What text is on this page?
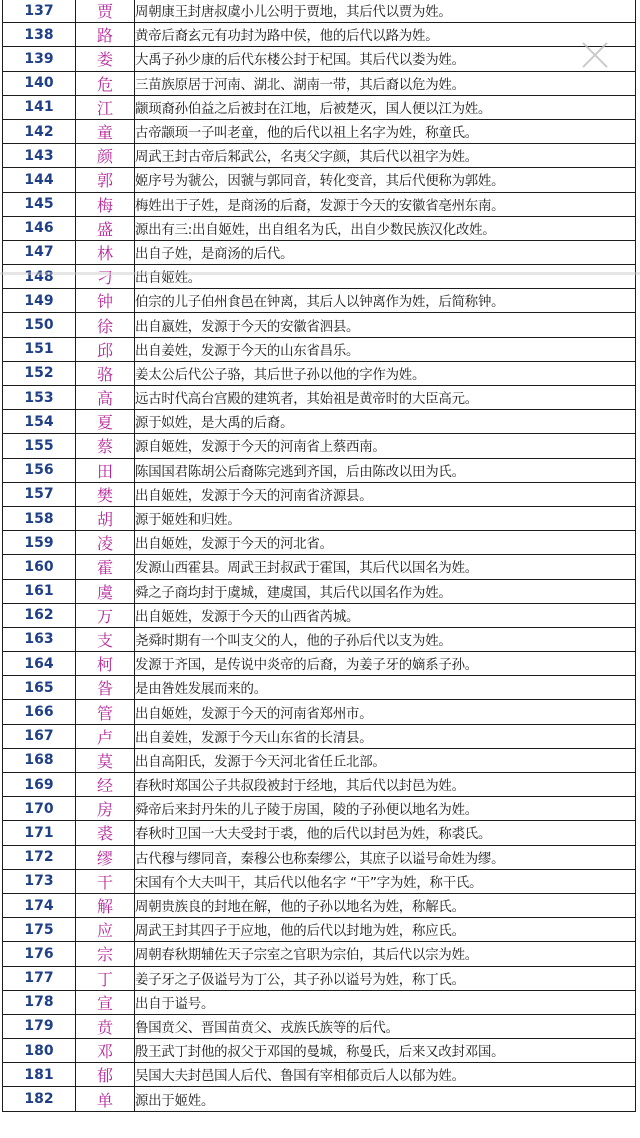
137	贾	周朝康王封唐叔虞小儿公明于贾地，其后代以贾为姓。
138	路	黄帝后裔玄元有功封为路中侯，他的后代以路为姓。
139	娄	大禹子孙少康的后代东楼公封于杞国。其后代以娄为姓。
140	危	三苗族原居于河南、湖北、湖南一带，其后裔以危为姓。
141	江	颛顼裔孙伯益之后被封在江地，后被楚灭，国人便以江为姓。
142	童	古帝颛顼一子叫老童，他的后代以祖上名字为姓，称童氏。
143	颜	周武王封古帝后邾武公，名夷父字颜，其后代以祖字为姓。
144	郭	姬序号为虢公，因虢与郭同音，转化变音，其后代便称为郭姓。
145	梅	梅姓出于子姓，是商汤的后裔，发源于今天的安徽省亳州东南。
146	盛	源出有三:出自姬姓，出自组名为氏，出自少数民族汉化改姓。
147	林	出自子姓，是商汤的后代。
148	刁	出自姬姓。
149	钟	伯宗的儿子伯州食邑在钟离，其后人以钟离作为姓，后简称钟。
150	徐	出自嬴姓，发源于今天的安徽省泗县。
151	邱	出自姜姓，发源于今天的山东省昌乐。
152	骆	姜太公后代公子骆，其后世子孙以他的字作为姓。
153	高	远古时代高台宫殿的建筑者，其始祖是黄帝时的大臣高元。
154	夏	源于姒姓，是大禹的后裔。
155	蔡	源自姬姓，发源于今天的河南省上蔡西南。
156	田	陈国国君陈胡公后裔陈完逃到齐国，后由陈改以田为氏。
157	樊	出自姬姓，发源于今天的河南省济源县。
158	胡	源于姬姓和归姓。
159	凌	出自姬姓，发源于今天的河北省。
160	霍	发源山西霍县。周武王封叔武于霍国，其后代以国名为姓。
161	虞	舜之子商均封于虞城，建虞国，其后代以国名作为姓。
162	万	出自姬姓，发源于今天的山西省芮城。
163	支	尧舜时期有一个叫支父的人，他的子孙后代以支为姓。
164	柯	发源于齐国，是传说中炎帝的后裔，为姜子牙的嫡系子孙。
165	昝	是由昝姓发展而来的。
166	管	出自姬姓，发源于今天的河南省郑州市。
167	卢	出自姜姓，发源于今天山东省的长清县。
168	莫	出自高阳氏，发源于今天河北省任丘北部。
169	经	春秋时郑国公子共叔段被封于经地，其后代以封邑为姓。
170	房	舜帝后来封丹朱的儿子陵于房国，陵的子孙便以地名为姓。
171	裘	春秋时卫国一大夫受封于裘，他的后代以封邑为姓，称裘氏。
172	缪	古代穆与缪同音，秦穆公也称秦缪公，其庶子以谥号命姓为缪。
173	干	宋国有个大夫叫干，其后代以他名字 “干”字为姓，称干氏。
174	解	周朝贵族良的封地在解，他的子孙以地名为姓，称解氏。
175	应	周武王封其四子于应地，他的后代以封地为姓，称应氏。
176	宗	周朝春秋期辅佐天子宗室之官职为宗伯，其后代以宗为姓。
177	丁	姜子牙之子伋谥号为丁公，其子孙以谥号为姓，称丁氏。
178	宣	出自于谥号。
179	贲	鲁国贲父、晋国苗贲父、戎族氏族等的后代。
180	邓	殷王武丁封他的叔父于邓国的曼城，称曼氏，后来又改封邓国。
181	郁	吴国大夫封邑国人后代、鲁国有宰相郁贡后人以郁为姓。
182	单	源出于姬姓。
